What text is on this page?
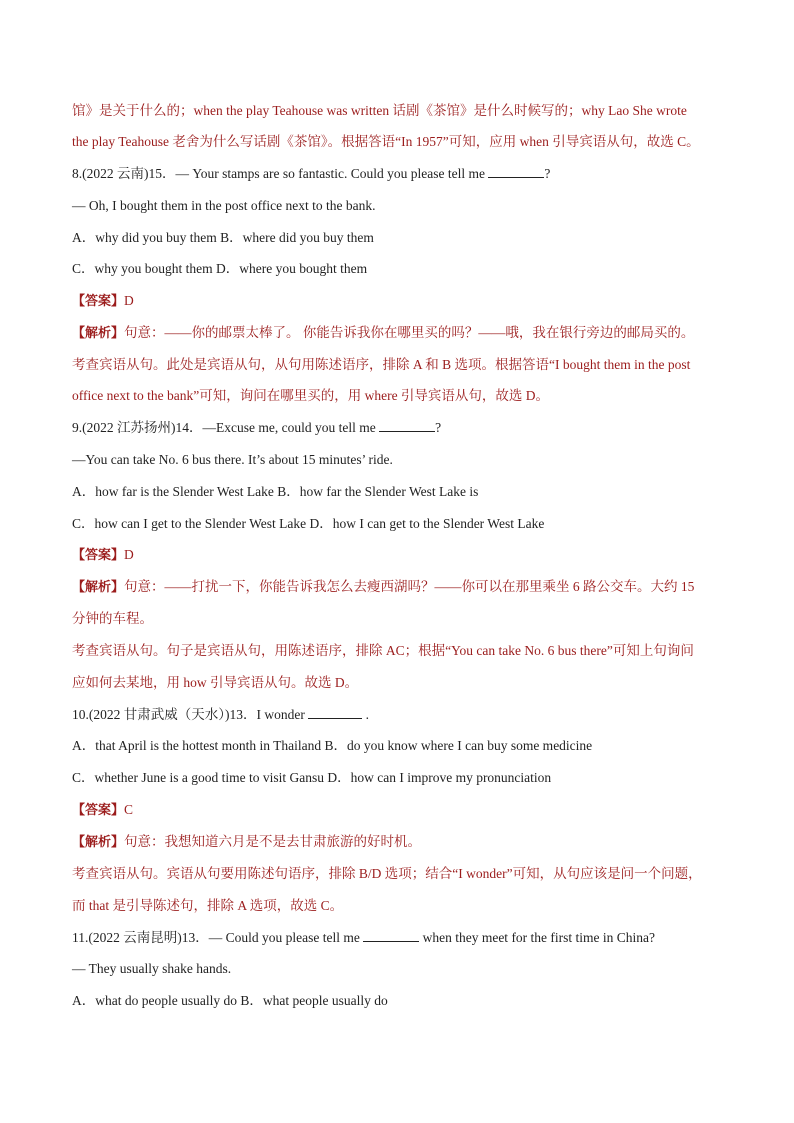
馆》是关于什么的；when the play Teahouse was written 话剧《茶馆》是什么时候写的；why Lao She wrote
the play Teahouse 老舍为什么写话剧《茶馆》。根据答语“In 1957”可知，应用 when 引导宾语从句，故选 C。
8.(2022 云南)15．— Your stamps are so fantastic. Could you please tell me	?
— Oh, I bought them in the post office next to the bank.
A．why did you buy them B．where did you buy them
C．why you bought them D．where you bought them
【答案】D
【解析】句意：——你的邮票太棒了。 你能告诉我你在哪里买的吗？——哦，我在银行旁边的邮局买的。
考查宾语从句。此处是宾语从句，从句用陈述语序，排除 A 和 B 选项。根据答语“I bought them in the post
office next to the bank”可知，询问在哪里买的，用 where 引导宾语从句，故选 D。
9.(2022 江苏扬州)14．—Excuse me, could you tell me	?
—You can take No. 6 bus there. It’s about 15 minutes’ ride.
A．how far is the Slender West Lake B．how far the Slender West Lake is
C．how can I get to the Slender West Lake D．how I can get to the Slender West Lake
【答案】D
【解析】句意：——打扰一下，你能告诉我怎么去瘦西湖吗？——你可以在那里乘坐 6 路公交车。大约 15
分钟的车程。
考查宾语从句。句子是宾语从句，用陈述语序，排除 AC；根据“You can take No. 6 bus there”可知上句询问
应如何去某地，用 how 引导宾语从句。故选 D。
10.(2022 甘肃武威（天水）)13．I wonder	.
A．that April is the hottest month in Thailand B．do you know where I can buy some medicine
C．whether June is a good time to visit Gansu D．how can I improve my pronunciation
【答案】C
【解析】句意：我想知道六月是不是去甘肃旅游的好时机。
考查宾语从句。宾语从句要用陈述句语序，排除 B/D 选项；结合“I wonder”可知，从句应该是问一个问题，
而 that 是引导陈述句，排除 A 选项，故选 C。
11.(2022 云南昆明)13．— Could you please tell me	when they meet for the first time in China?
— They usually shake hands.
A．what do people usually do B．what people usually do
